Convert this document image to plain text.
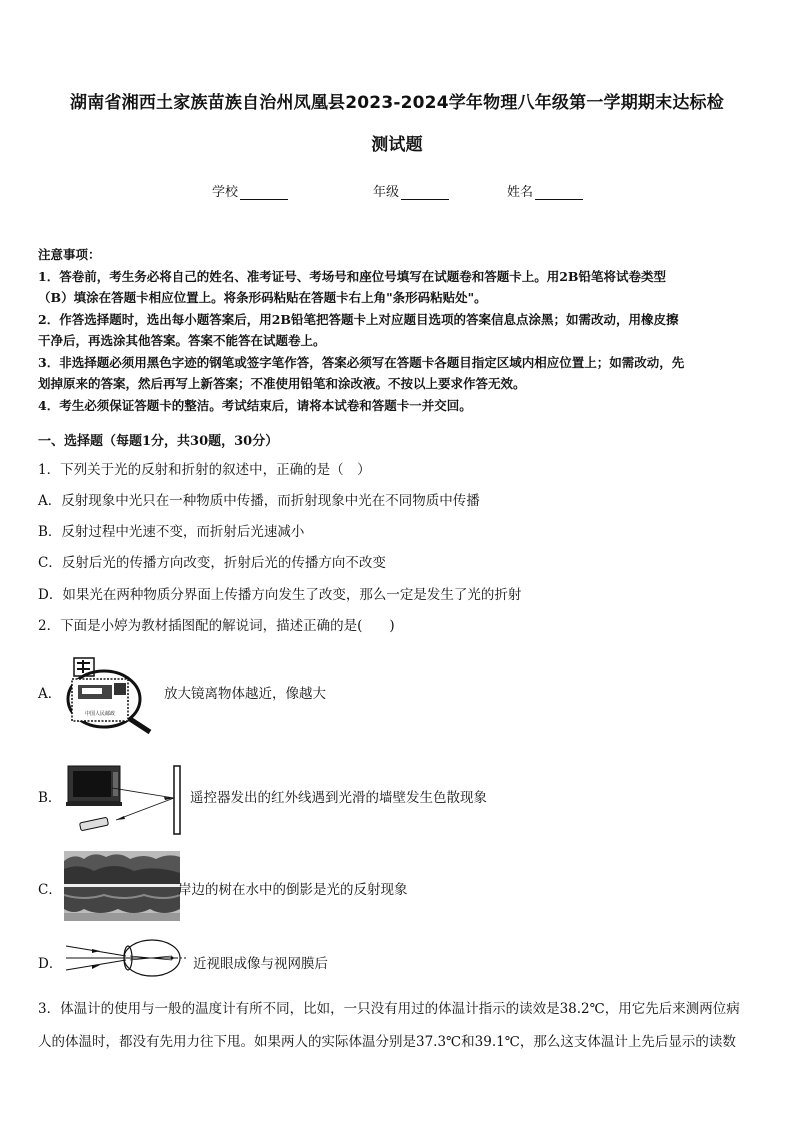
湖南省湘西土家族苗族自治州凤凰县2023-2024学年物理八年级第一学期期末达标检
测试题
学校	年级	姓名

注意事项：

1．答卷前，考生务必将自己的姓名、准考证号、考场号和座位号填写在试题卷和答题卡上。用2B铅笔将试卷类型

（B）填涂在答题卡相应位置上。将条形码粘贴在答题卡右上角"条形码粘贴处"。

2．作答选择题时，选出每小题答案后，用2B铅笔把答题卡上对应题目选项的答案信息点涂黑；如需改动，用橡皮擦

干净后，再选涂其他答案。答案不能答在试题卷上。

3．非选择题必须用黑色字迹的钢笔或签字笔作答，答案必须写在答题卡各题目指定区域内相应位置上；如需改动，先

划掉原来的答案，然后再写上新答案；不准使用铅笔和涂改液。不按以上要求作答无效。

4．考生必须保证答题卡的整洁。考试结束后，请将本试卷和答题卡一并交回。

一、选择题（每题1分，共30题，30分）
1．下列关于光的反射和折射的叙述中，正确的是（　）
A．反射现象中光只在一种物质中传播，而折射现象中光在不同物质中传播
B．反射过程中光速不变，而折射后光速减小
C．反射后光的传播方向改变，折射后光的传播方向不改变
D．如果光在两种物质分界面上传播方向发生了改变，那么一定是发生了光的折射
2．下面是小婷为教材插图配的解说词，描述正确的是(　　)
A．
中国人民邮政
放大镜离物体越近，像越大
B．	遥控器发出的红外线遇到光滑的墙壁发生色散现象
C．	岸边的树在水中的倒影是光的反射现象
D．	近视眼成像与视网膜后
3．体温计的使用与一般的温度计有所不同，比如，一只没有用过的体温计指示的读效是38.2℃，用它先后来测两位病
人的体温时，都没有先用力往下甩。如果两人的实际体温分别是37.3℃和39.1℃，那么这支体温计上先后显示的读数
